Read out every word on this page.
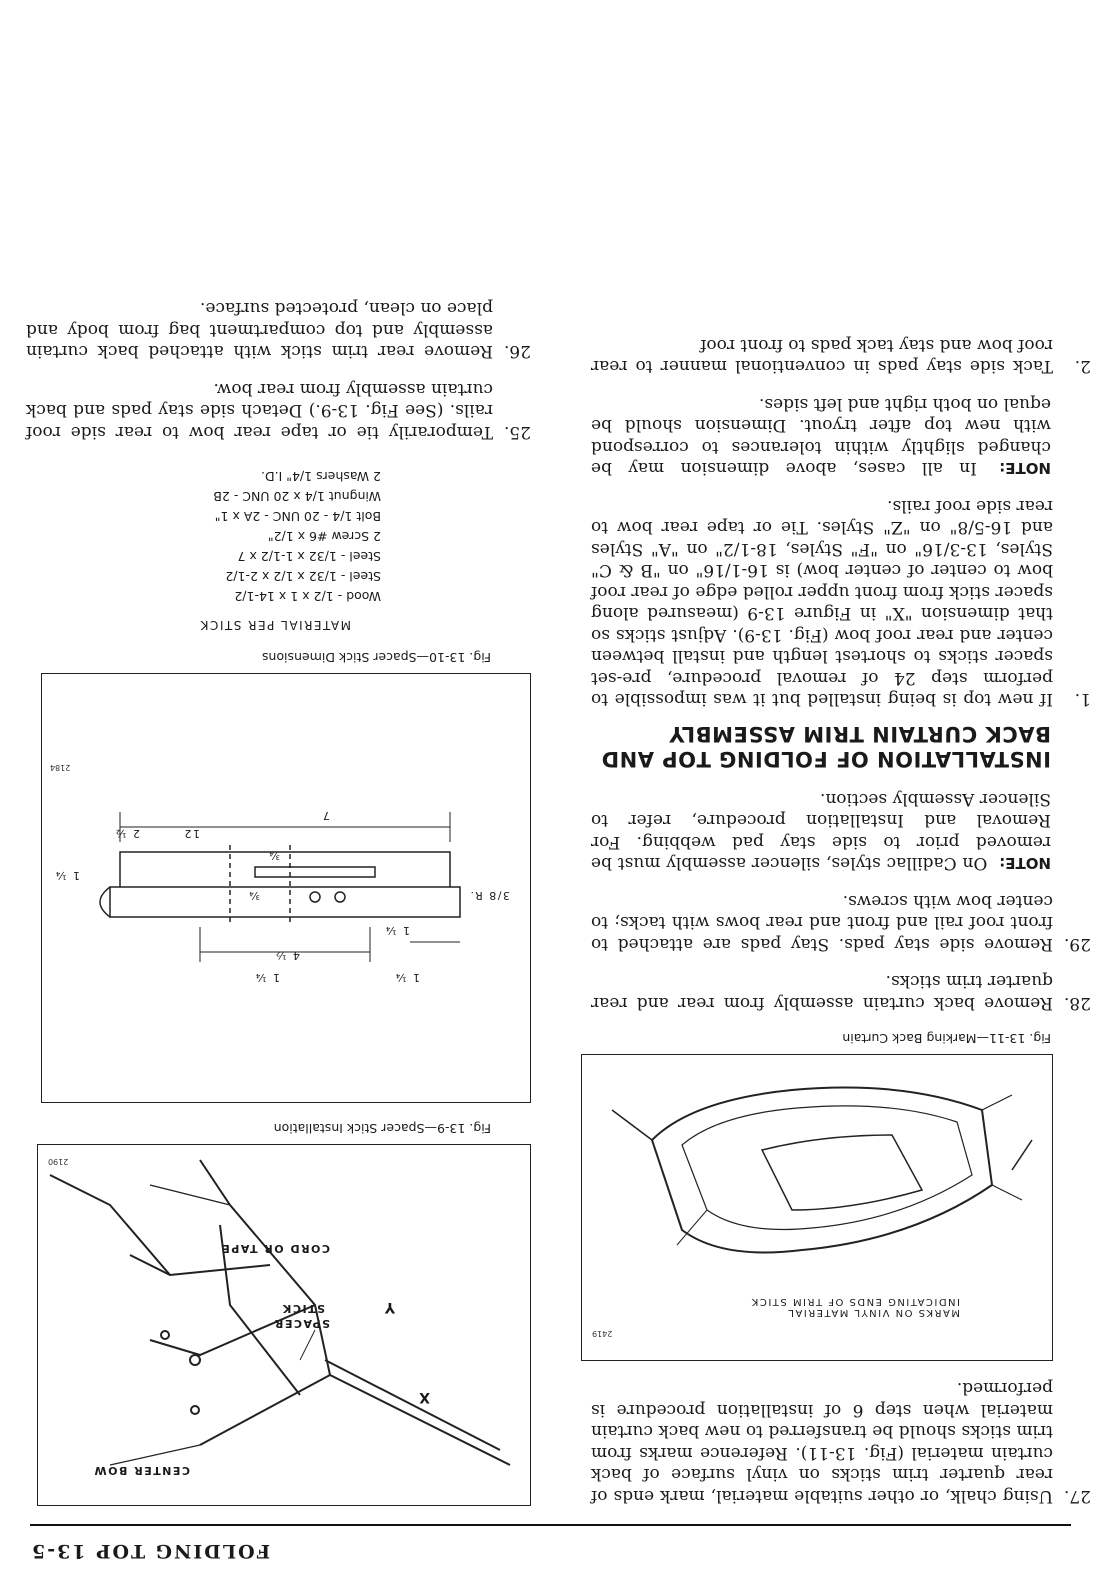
FOLDING TOP 13-5

27.
Using chalk, or other suitable material, mark ends of rear quarter trim sticks on vinyl surface of back curtain material (Fig. 13-11). Reference marks from trim sticks should be transferred to new back curtain material when step 6 of installation procedure is performed.

MARKS ON VINYL MATERIAL
INDICATING ENDS OF TRIM STICK
2419
Fig. 13-11—Marking Back Curtain

28.
Remove back curtain assembly from rear and rear quarter trim sticks.

29.
Remove side stay pads. Stay pads are attached to front roof rail and front and rear bows with tacks; to center bow with screws.

NOTE: On Cadillac styles, silencer assembly must be removed prior to side stay pad webbing. For Removal and Installation procedure, refer to Silencer Assembly section.

INSTALLATION OF FOLDING TOP AND
BACK CURTAIN TRIM ASSEMBLY

1.
If new top is being installed but it was impossible to perform step 24 of removal procedure, pre-set spacer sticks to shortest length and install between center and rear roof bow (Fig. 13-9). Adjust sticks so that dimension "X" in Figure 13-9 (measured along spacer stick from front upper rolled edge of rear roof bow to center of center bow) is 16-1/16" on "B & C" Styles, 13-3/16" on "F" Styles, 18-1/2" on "A" Styles and 16-5/8" on "Z" Styles. Tie or tape rear bow to rear side roof rails.

NOTE: In all cases, above dimension may be changed slightly within tolerances to correspond with new top after tryout. Dimension should be equal on both right and left sides.

2.
Tack side stay pads in conventional manner to rear roof bow and stay tack pads to front roof

CENTER BOW
X
Y
SPACER
STICK
CORD OR TAPE
2190
Fig. 13-9—Spacer Stick Installation
1 ¼
1 ¼
4 ½
1 ¼
3/8 R.
¾
7
12
2 ½
1 ¼
¾
2184
Fig. 13-10—Spacer Stick Dimensions
MATERIAL PER STICK
Wood - 1/2 x 1 x 14-1/2
Steel - 1/32 x 1/2 x 2-1/2
Steel - 1/32 x 1-1/2 x 7
2 Screw #6 x 1/2"
Bolt 1/4 - 20 UNC - 2A x 1"
Wingnut 1/4 x 20 UNC - 2B
2 Washers 1/4" I.D.

25.
Temporarily tie or tape rear bow to rear side roof rails. (See Fig. 13-9.) Detach side stay pads and back curtain assembly from rear bow.

26.
Remove rear trim stick with attached back curtain assembly and top compartment bag from body and place on clean, protected surface.
